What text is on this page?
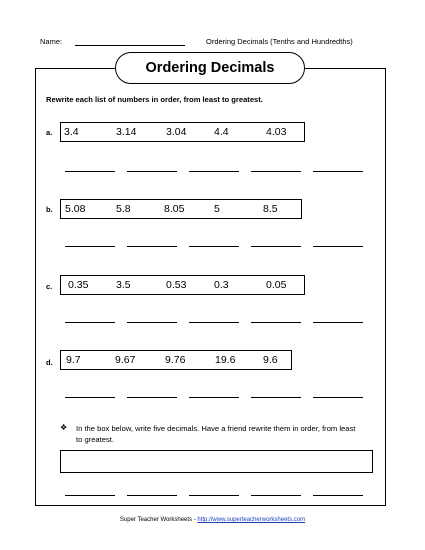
Name:	Ordering Decimals (Tenths and Hundredths)
Ordering Decimals
Rewrite each list of numbers in order, from least to greatest.
a. 3.4	3.14	3.04	4.4	4.03
b. 5.08	5.8	8.05	5	8.5
c. 0.35	3.5	0.53	0.3	0.05
d. 9.7	9.67	9.76	19.6	9.6
❖ In the box below, write five decimals. Have a friend rewrite them in order, from least to greatest.
Super Teacher Worksheets - http://www.superteacherworksheets.com
